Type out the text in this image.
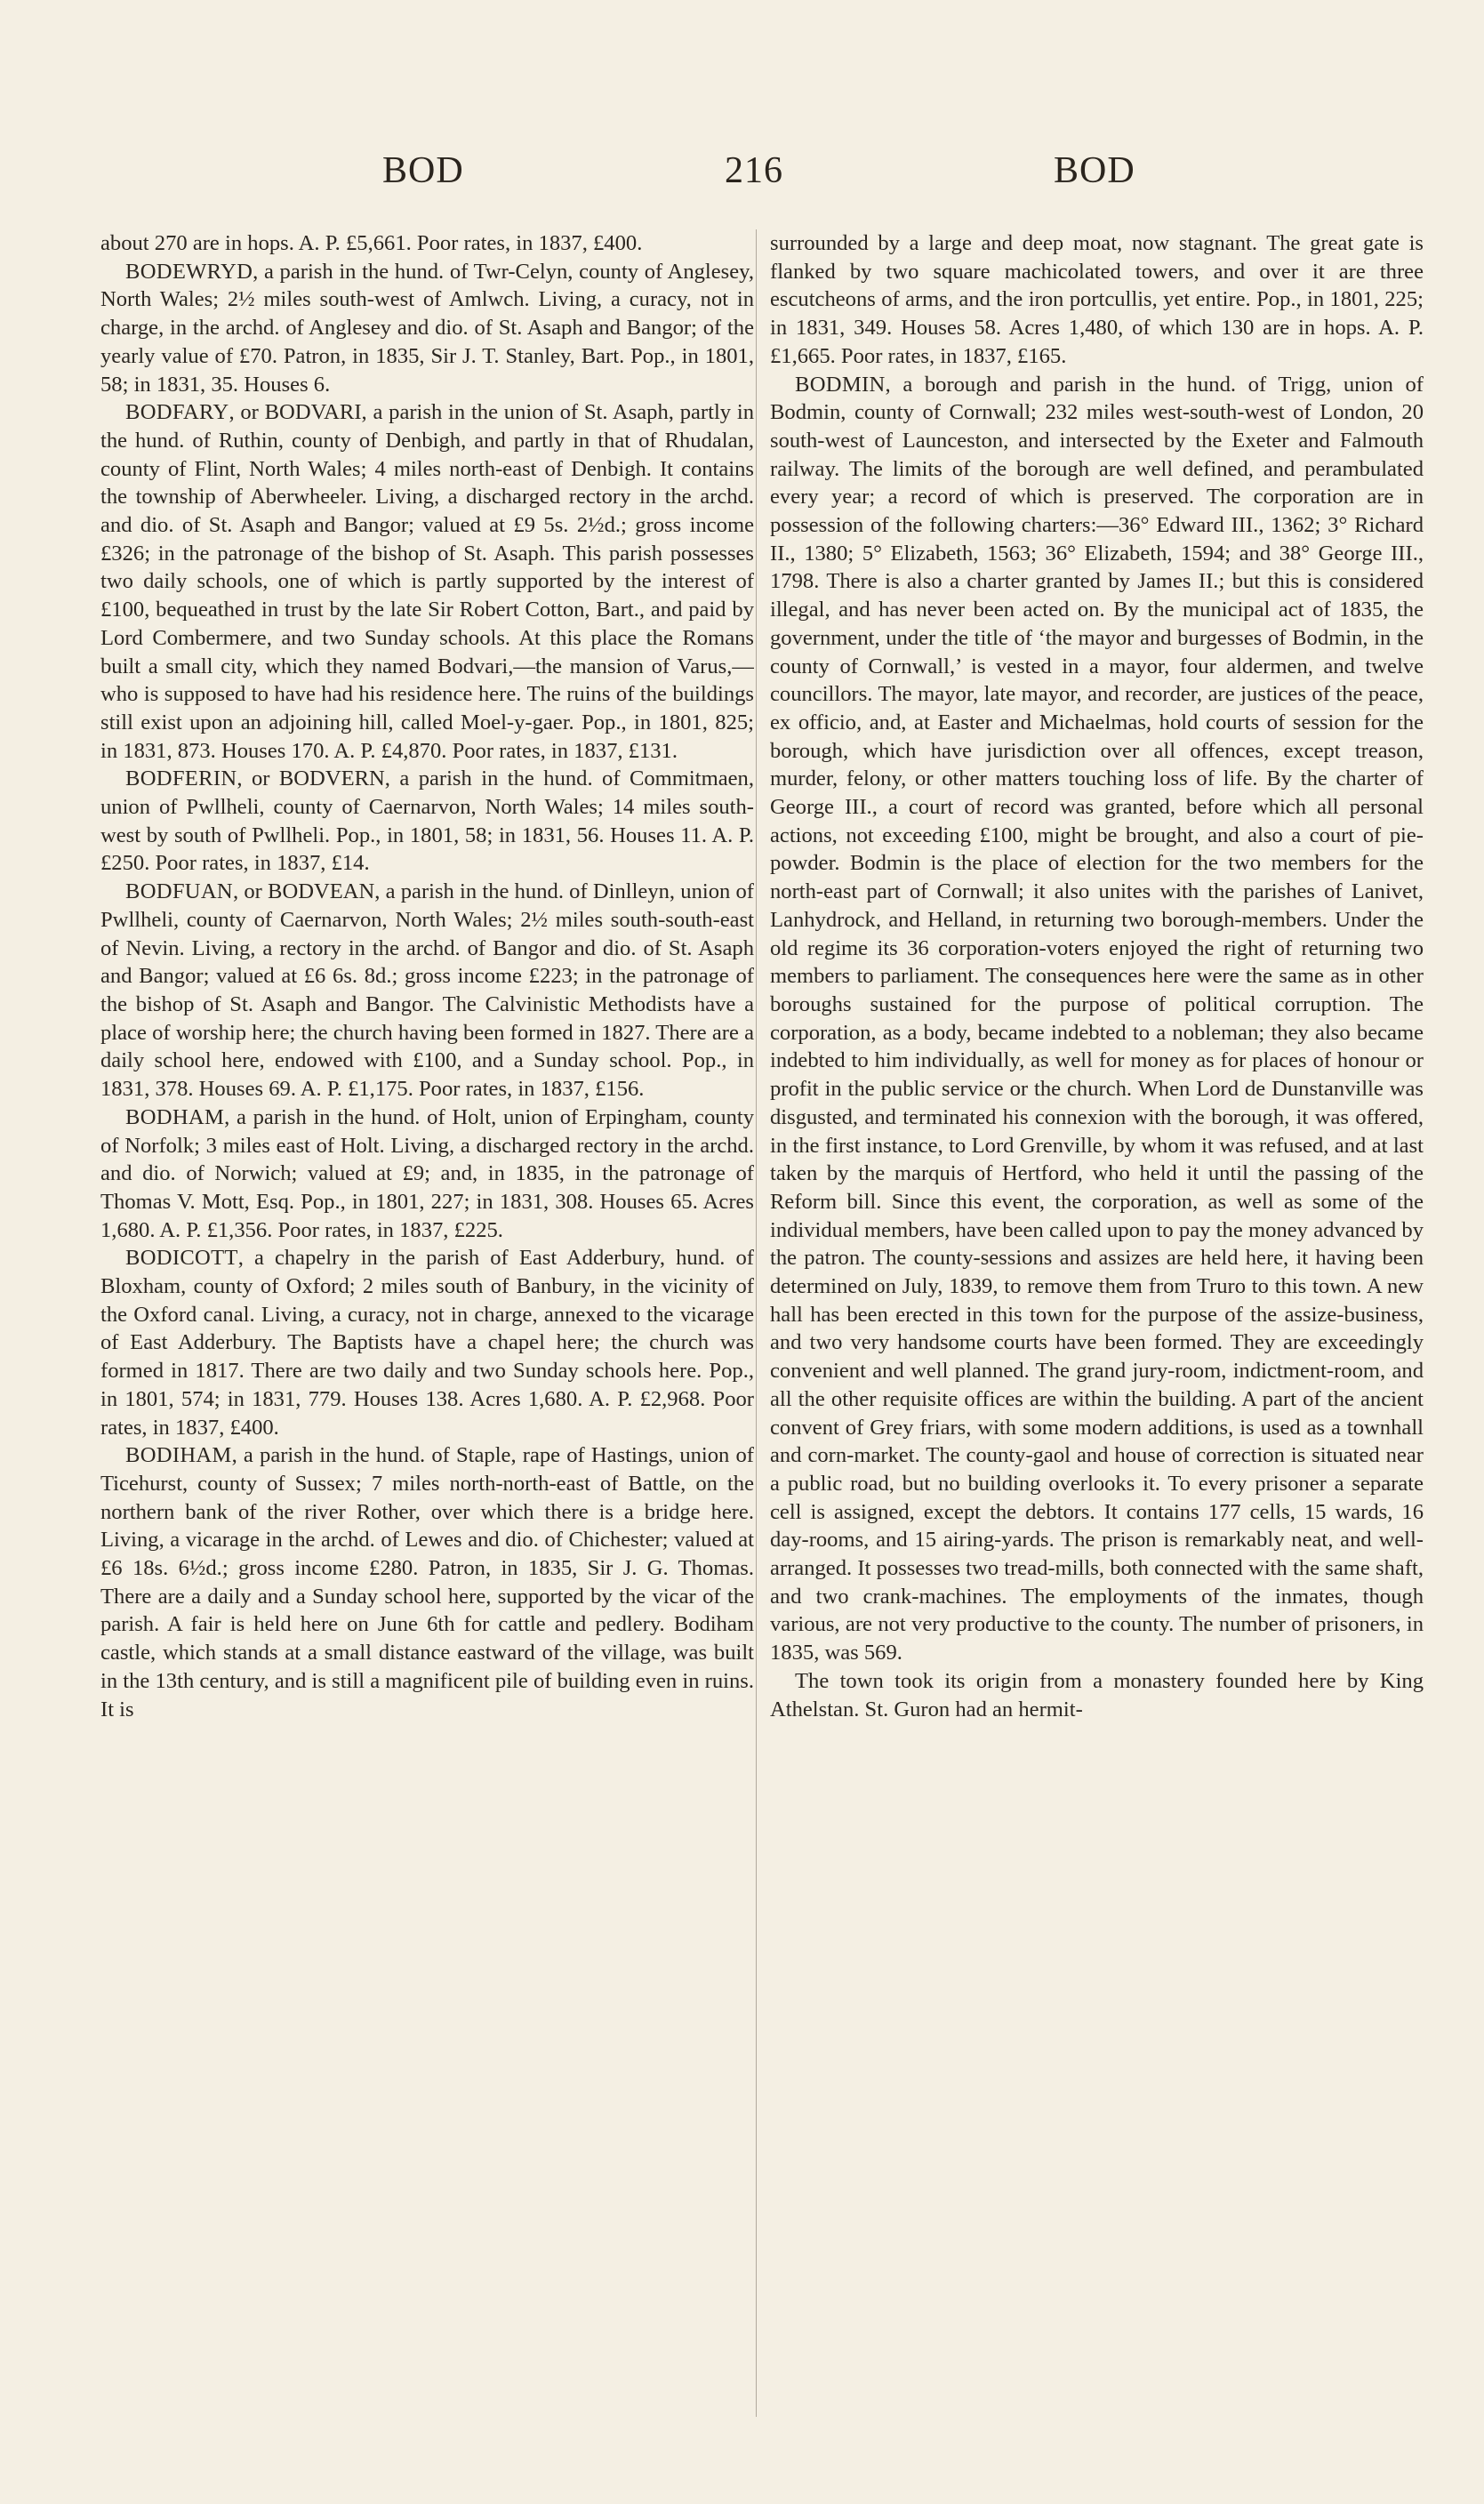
BOD	216	BOD

about 270 are in hops. A. P. £5,661. Poor rates, in 1837, £400.

BODEWRYD, a parish in the hund. of Twr-Celyn, county of Anglesey, North Wales; 2½ miles south-west of Amlwch. Living, a curacy, not in charge, in the archd. of Anglesey and dio. of St. Asaph and Bangor; of the yearly value of £70. Patron, in 1835, Sir J. T. Stanley, Bart. Pop., in 1801, 58; in 1831, 35. Houses 6.

BODFARY, or BODVARI, a parish in the union of St. Asaph, partly in the hund. of Ruthin, county of Denbigh, and partly in that of Rhudalan, county of Flint, North Wales; 4 miles north-east of Denbigh. It contains the township of Aberwheeler. Living, a discharged rectory in the archd. and dio. of St. Asaph and Bangor; valued at £9 5s. 2½d.; gross income £326; in the patronage of the bishop of St. Asaph. This parish possesses two daily schools, one of which is partly supported by the interest of £100, bequeathed in trust by the late Sir Robert Cotton, Bart., and paid by Lord Combermere, and two Sunday schools. At this place the Romans built a small city, which they named Bodvari,—the mansion of Varus,—who is supposed to have had his residence here. The ruins of the buildings still exist upon an adjoining hill, called Moel-y-gaer. Pop., in 1801, 825; in 1831, 873. Houses 170. A. P. £4,870. Poor rates, in 1837, £131.

BODFERIN, or BODVERN, a parish in the hund. of Commitmaen, union of Pwllheli, county of Caernarvon, North Wales; 14 miles south-west by south of Pwllheli. Pop., in 1801, 58; in 1831, 56. Houses 11. A. P. £250. Poor rates, in 1837, £14.

BODFUAN, or BODVEAN, a parish in the hund. of Dinlleyn, union of Pwllheli, county of Caernarvon, North Wales; 2½ miles south-south-east of Nevin. Living, a rectory in the archd. of Bangor and dio. of St. Asaph and Bangor; valued at £6 6s. 8d.; gross income £223; in the patronage of the bishop of St. Asaph and Bangor. The Calvinistic Methodists have a place of worship here; the church having been formed in 1827. There are a daily school here, endowed with £100, and a Sunday school. Pop., in 1831, 378. Houses 69. A. P. £1,175. Poor rates, in 1837, £156.

BODHAM, a parish in the hund. of Holt, union of Erpingham, county of Norfolk; 3 miles east of Holt. Living, a discharged rectory in the archd. and dio. of Norwich; valued at £9; and, in 1835, in the patronage of Thomas V. Mott, Esq. Pop., in 1801, 227; in 1831, 308. Houses 65. Acres 1,680. A. P. £1,356. Poor rates, in 1837, £225.

BODICOTT, a chapelry in the parish of East Adderbury, hund. of Bloxham, county of Oxford; 2 miles south of Banbury, in the vicinity of the Oxford canal. Living, a curacy, not in charge, annexed to the vicarage of East Adderbury. The Baptists have a chapel here; the church was formed in 1817. There are two daily and two Sunday schools here. Pop., in 1801, 574; in 1831, 779. Houses 138. Acres 1,680. A. P. £2,968. Poor rates, in 1837, £400.

BODIHAM, a parish in the hund. of Staple, rape of Hastings, union of Ticehurst, county of Sussex; 7 miles north-north-east of Battle, on the northern bank of the river Rother, over which there is a bridge here. Living, a vicarage in the archd. of Lewes and dio. of Chichester; valued at £6 18s. 6½d.; gross income £280. Patron, in 1835, Sir J. G. Thomas. There are a daily and a Sunday school here, supported by the vicar of the parish. A fair is held here on June 6th for cattle and pedlery. Bodiham castle, which stands at a small distance eastward of the village, was built in the 13th century, and is still a magnificent pile of building even in ruins. It is

surrounded by a large and deep moat, now stagnant. The great gate is flanked by two square machicolated towers, and over it are three escutcheons of arms, and the iron portcullis, yet entire. Pop., in 1801, 225; in 1831, 349. Houses 58. Acres 1,480, of which 130 are in hops. A. P. £1,665. Poor rates, in 1837, £165.

BODMIN, a borough and parish in the hund. of Trigg, union of Bodmin, county of Cornwall; 232 miles west-south-west of London, 20 south-west of Launceston, and intersected by the Exeter and Falmouth railway. The limits of the borough are well defined, and perambulated every year; a record of which is preserved. The corporation are in possession of the following charters:—36° Edward III., 1362; 3° Richard II., 1380; 5° Elizabeth, 1563; 36° Elizabeth, 1594; and 38° George III., 1798. There is also a charter granted by James II.; but this is considered illegal, and has never been acted on. By the municipal act of 1835, the government, under the title of ‘the mayor and burgesses of Bodmin, in the county of Cornwall,’ is vested in a mayor, four aldermen, and twelve councillors. The mayor, late mayor, and recorder, are justices of the peace, ex officio, and, at Easter and Michaelmas, hold courts of session for the borough, which have jurisdiction over all offences, except treason, murder, felony, or other matters touching loss of life. By the charter of George III., a court of record was granted, before which all personal actions, not exceeding £100, might be brought, and also a court of pie-powder. Bodmin is the place of election for the two members for the north-east part of Cornwall; it also unites with the parishes of Lanivet, Lanhydrock, and Helland, in returning two borough-members. Under the old regime its 36 corporation-voters enjoyed the right of returning two members to parliament. The consequences here were the same as in other boroughs sustained for the purpose of political corruption. The corporation, as a body, became indebted to a nobleman; they also became indebted to him individually, as well for money as for places of honour or profit in the public service or the church. When Lord de Dunstanville was disgusted, and terminated his connexion with the borough, it was offered, in the first instance, to Lord Grenville, by whom it was refused, and at last taken by the marquis of Hertford, who held it until the passing of the Reform bill. Since this event, the corporation, as well as some of the individual members, have been called upon to pay the money advanced by the patron. The county-sessions and assizes are held here, it having been determined on July, 1839, to remove them from Truro to this town. A new hall has been erected in this town for the purpose of the assize-business, and two very handsome courts have been formed. They are exceedingly convenient and well planned. The grand jury-room, indictment-room, and all the other requisite offices are within the building. A part of the ancient convent of Grey friars, with some modern additions, is used as a townhall and corn-market. The county-gaol and house of correction is situated near a public road, but no building overlooks it. To every prisoner a separate cell is assigned, except the debtors. It contains 177 cells, 15 wards, 16 day-rooms, and 15 airing-yards. The prison is remarkably neat, and well-arranged. It possesses two tread-mills, both connected with the same shaft, and two crank-machines. The employments of the inmates, though various, are not very productive to the county. The number of prisoners, in 1835, was 569.

The town took its origin from a monastery founded here by King Athelstan. St. Guron had an hermit-
